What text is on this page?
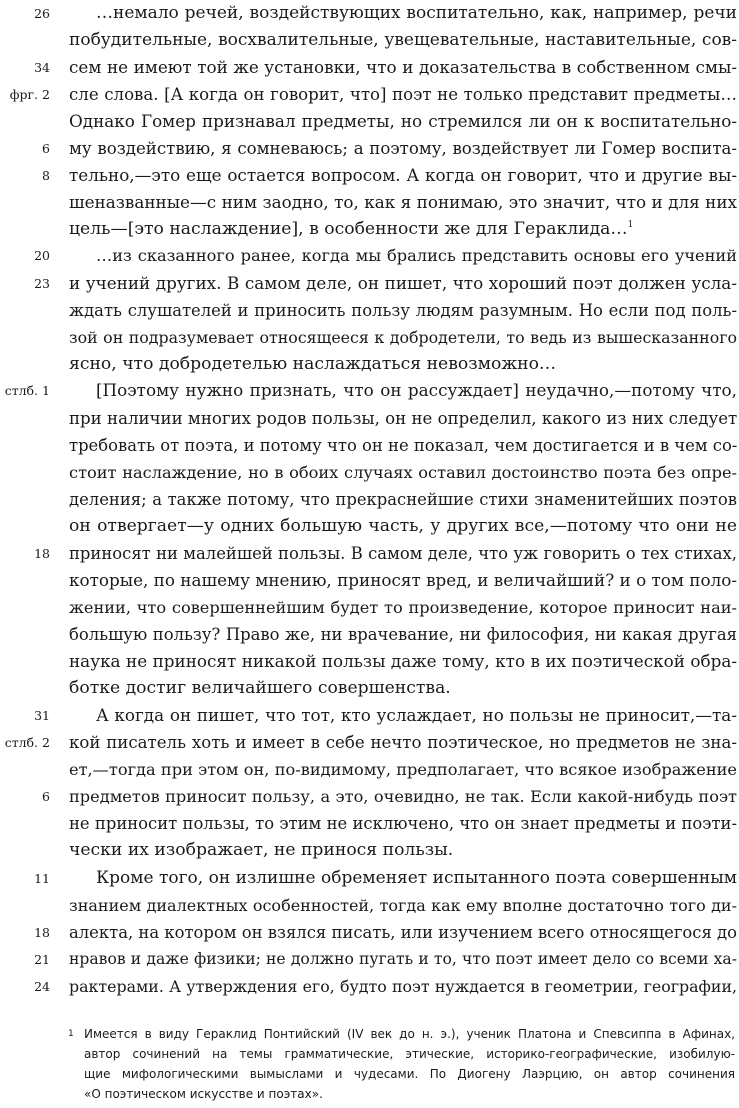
26
34
фрг. 2
6
8
20
23
стлб. 1
18
31
стлб. 2
6
11
18
21
24
…немало речей, воздействующих воспитательно, как, например, речи
побудительные, восхвалительные, увещевательные, наставительные, сов-
сем не имеют той же установки, что и доказательства в собственном смы-
сле слова. [А когда он говорит, что] поэт не только представит предметы…
Однако Гомер признавал предметы, но стремился ли он к воспитательно-
му воздействию, я сомневаюсь; а поэтому, воздействует ли Гомер воспита-
тельно,—это еще остается вопросом. А когда он говорит, что и другие вы-
шеназванные—с ним заодно, то, как я понимаю, это значит, что и для них
цель—[это наслаждение], в особенности же для Гераклида…$^1$
…из сказанного ранее, когда мы брались представить основы его учений
и учений других. В самом деле, он пишет, что хороший поэт должен усла-
ждать слушателей и приносить пользу людям разумным. Но если под поль-
зой он подразумевает относящееся к добродетели, то ведь из вышесказанного
ясно, что добродетелью наслаждаться невозможно…
[Поэтому нужно признать, что он рассуждает] неудачно,—потому что,
при наличии многих родов пользы, он не определил, какого из них следует
требовать от поэта, и потому что он не показал, чем достигается и в чем со-
стоит наслаждение, но в обоих случаях оставил достоинство поэта без опре-
деления; а также потому, что прекраснейшие стихи знаменитейших поэтов
он отвергает—у одних большую часть, у других все,—потому что они не
приносят ни малейшей пользы. В самом деле, что уж говорить о тех стихах,
которые, по нашему мнению, приносят вред, и величайший? и о том поло-
жении, что совершеннейшим будет то произведение, которое приносит наи-
большую пользу? Право же, ни врачевание, ни философия, ни какая другая
наука не приносят никакой пользы даже тому, кто в их поэтической обра-
ботке достиг величайшего совершенства.
А когда он пишет, что тот, кто услаждает, но пользы не приносит,—та-
кой писатель хоть и имеет в себе нечто поэтическое, но предметов не зна-
ет,—тогда при этом он, по-видимому, предполагает, что всякое изображение
предметов приносит пользу, а это, очевидно, не так. Если какой-нибудь поэт
не приносит пользы, то этим не исключено, что он знает предметы и поэти-
чески их изображает, не принося пользы.
Кроме того, он излишне обременяет испытанного поэта совершенным
знанием диалектных особенностей, тогда как ему вполне достаточно того ди-
алекта, на котором он взялся писать, или изучением всего относящегося до
нравов и даже физики; не должно пугать и то, что поэт имеет дело со всеми ха-
рактерами. А утверждения его, будто поэт нуждается в геометрии, географии,
1 Имеется в виду Гераклид Понтийский (IV век до н. э.), ученик Платона и Спевсиппа в Афинах,
автор сочинений на темы грамматические, этические, историко-географические, изобилую-
щие мифологическими вымыслами и чудесами. По Диогену Лаэрцию, он автор сочинения
«О поэтическом искусстве и поэтах».
